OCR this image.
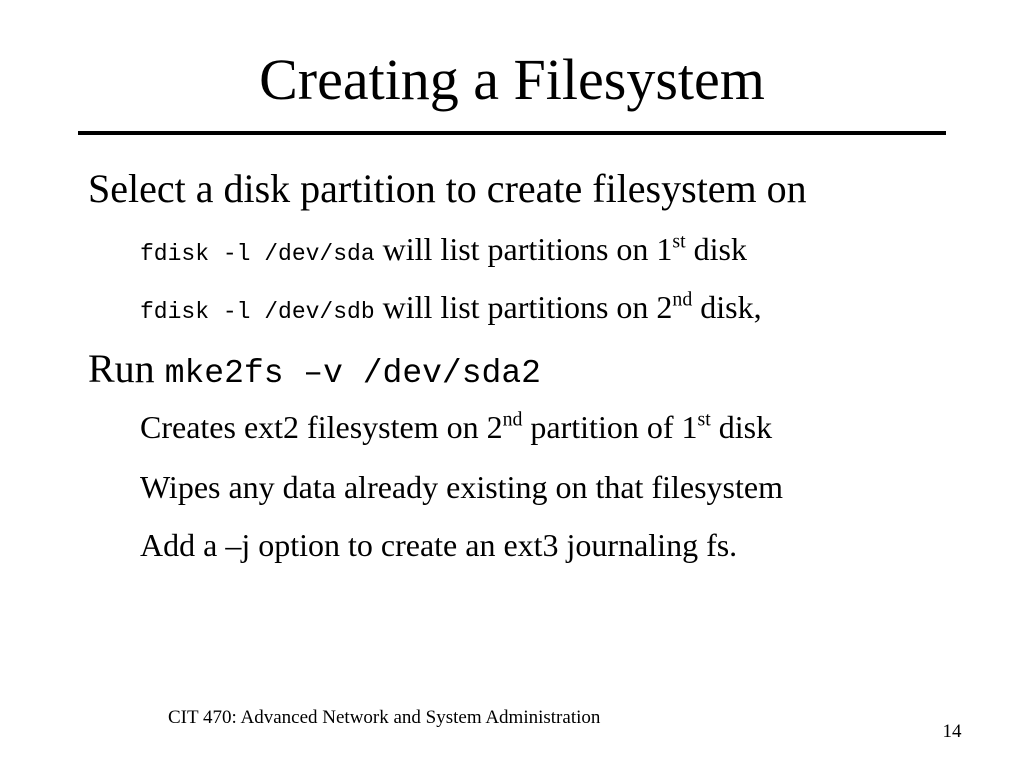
Creating a Filesystem
Select a disk partition to create filesystem on
fdisk -l /dev/sda will list partitions on 1st disk
fdisk -l /dev/sdb will list partitions on 2nd disk,
Run mke2fs –v /dev/sda2
Creates ext2 filesystem on 2nd partition of 1st disk
Wipes any data already existing on that filesystem
Add a –j option to create an ext3 journaling fs.
CIT 470: Advanced Network and System Administration
14
